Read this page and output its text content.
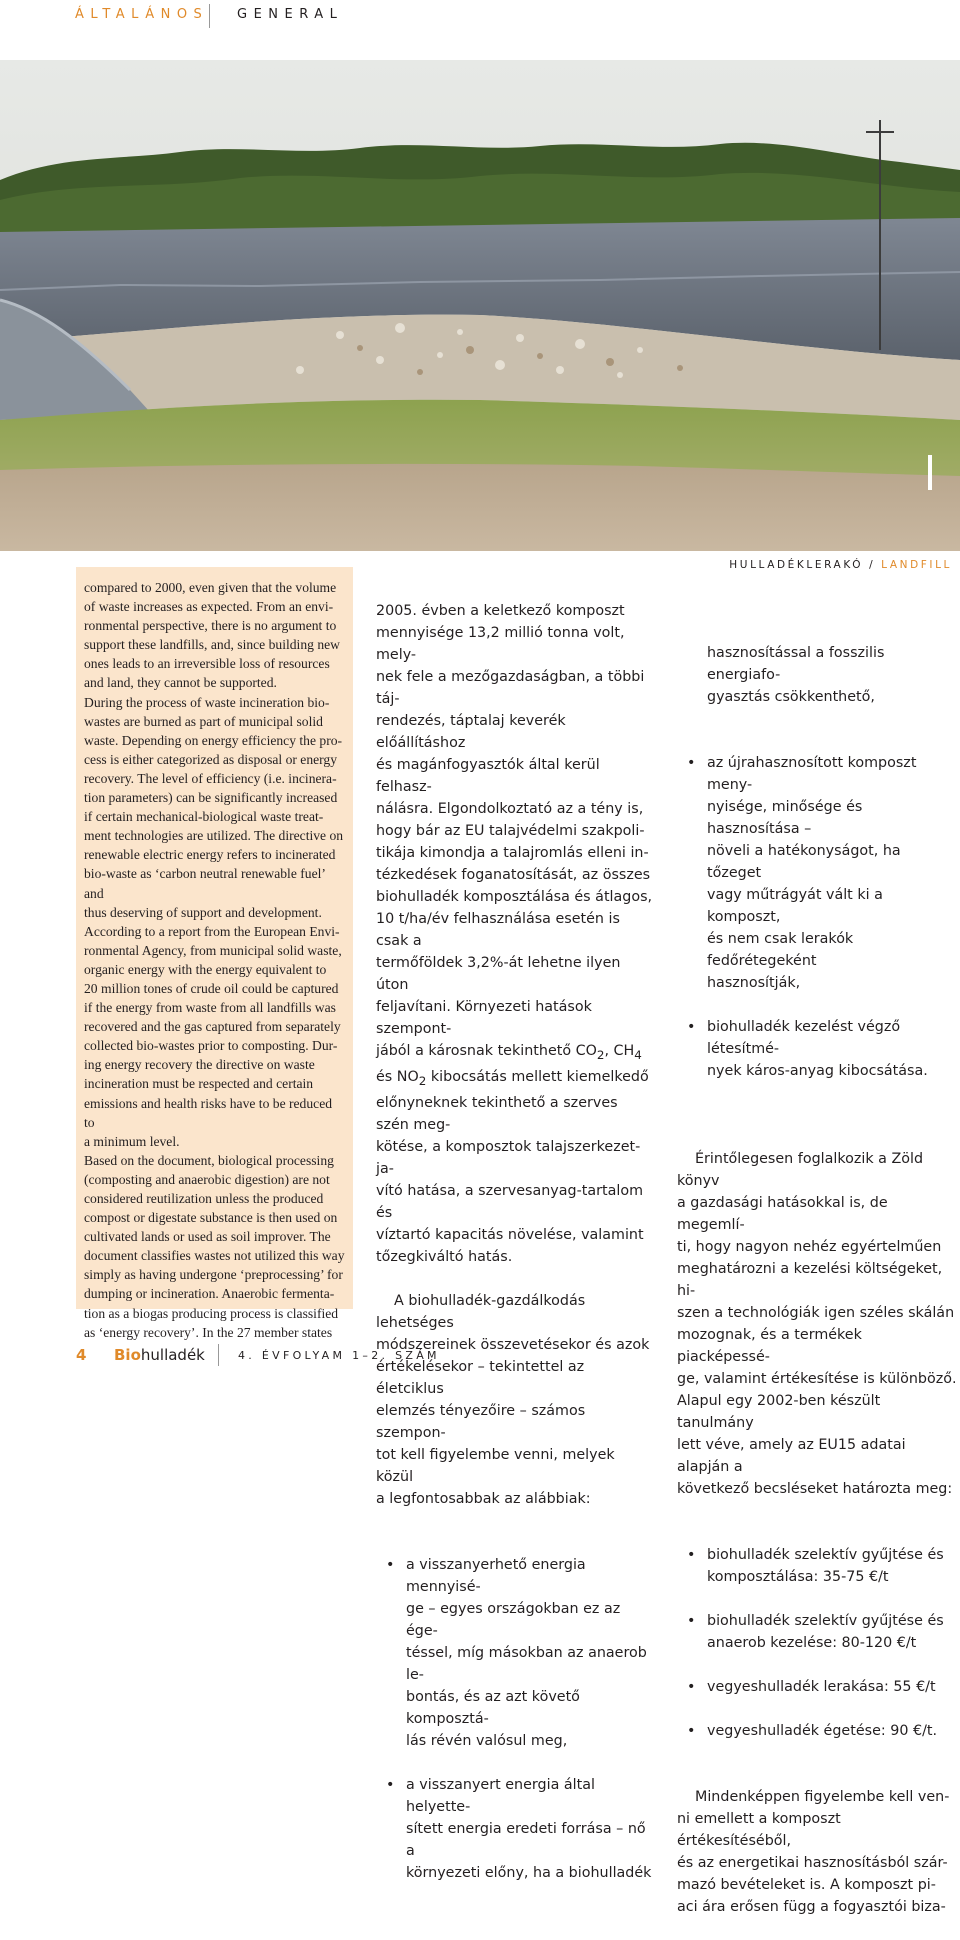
ÁLTALÁNOS GENERAL
HULLADÉKLERAKÓ / LANDFILL

compared to 2000, even given that the volume
of waste increases as expected. From an envi-
ronmental perspective, there is no argument to
support these landfills, and, since building new
ones leads to an irreversible loss of resources
and land, they cannot be supported.

During the process of waste incineration bio-
wastes are burned as part of municipal solid
waste. Depending on energy efficiency the pro-
cess is either categorized as disposal or energy
recovery. The level of efficiency (i.e. incinera-
tion parameters) can be significantly increased
if certain mechanical-biological waste treat-
ment technologies are utilized. The directive on
renewable electric energy refers to incinerated
bio-waste as ‘carbon neutral renewable fuel’ and
thus deserving of support and development.
According to a report from the European Envi-
ronmental Agency, from municipal solid waste,
organic energy with the energy equivalent to
20 million tones of crude oil could be captured
if the energy from waste from all landfills was
recovered and the gas captured from separately
collected bio-wastes prior to composting. Dur-
ing energy recovery the directive on waste
incineration must be respected and certain
emissions and health risks have to be reduced to
a minimum level.

Based on the document, biological processing
(composting and anaerobic digestion) are not
considered reutilization unless the produced
compost or digestate substance is then used on
cultivated lands or used as soil improver. The
document classifies wastes not utilized this way
simply as having undergone ‘preprocessing’ for
dumping or incineration. Anaerobic fermenta-
tion as a biogas producing process is classified
as ‘energy recovery’. In the 27 member states

2005. évben a keletkező komposzt
mennyisége 13,2 millió tonna volt, mely-
nek fele a mezőgazdaságban, a többi táj-
rendezés, táptalaj keverék előállításhoz
és magánfogyasztók által kerül felhasz-
nálásra. Elgondolkoztató az a tény is,
hogy bár az EU talajvédelmi szakpoli-
tikája kimondja a talajromlás elleni in-
tézkedések foganatosítását, az összes
biohulladék komposztálása és átlagos,
10 t/ha/év felhasználása esetén is csak a
termőföldek 3,2%-át lehetne ilyen úton
feljavítani. Környezeti hatások szempont-
jából a károsnak tekinthető $CO_2$, $CH_4$
és $NO_2$ kibocsátás mellett kiemelkedő
előnyneknek tekinthető a szerves szén meg-
kötése, a komposztok talajszerkezet-ja-
vító hatása, a szervesanyag-tartalom és
víztartó kapacitás növelése, valamint
tőzegkiváltó hatás.

A biohulladék-gazdálkodás lehetséges
módszereinek összevetésekor és azok
értékelésekor – tekintettel az életciklus
elemzés tényezőire – számos szempon-
tot kell figyelembe venni, melyek közül
a legfontosabbak az alábbiak:

• a visszanyerhető energia mennyisé-
ge – egyes országokban ez az ége-
téssel, míg másokban az anaerob le-
bontás, és az azt követő komposztá-
lás révén valósul meg,

• a visszanyert energia által helyette-
sített energia eredeti forrása – nő a
környezeti előny, ha a biohulladék

hasznosítással a fosszilis energiafo-
gyasztás csökkenthető,

• az újrahasznosított komposzt meny-
nyisége, minősége és hasznosítása –
növeli a hatékonyságot, ha tőzeget
vagy műtrágyát vált ki a komposzt,
és nem csak lerakók fedőrétegeként
hasznosítják,

• biohulladék kezelést végző létesítmé-
nyek káros-anyag kibocsátása.

Érintőlegesen foglalkozik a Zöld könyv
a gazdasági hatásokkal is, de megemlí-
ti, hogy nagyon nehéz egyértelműen
meghatározni a kezelési költségeket, hi-
szen a technológiák igen széles skálán
mozognak, és a termékek piacképessé-
ge, valamint értékesítése is különböző.
Alapul egy 2002-ben készült tanulmány
lett véve, amely az EU15 adatai alapján a
következő becsléseket határozta meg:

• biohulladék szelektív gyűjtése és
komposztálása: 35-75 €/t

• biohulladék szelektív gyűjtése és
anaerob kezelése: 80-120 €/t

• vegyeshulladék lerakása: 55 €/t

• vegyeshulladék égetése: 90 €/t.

Mindenképpen figyelembe kell ven-
ni emellett a komposzt értékesítéséből,
és az energetikai hasznosításból szár-
mazó bevételeket is. A komposzt pi-
aci ára erősen függ a fogyasztói biza-

4 Biohulladék	4. ÉVFOLYAM 1–2. SZÁM
